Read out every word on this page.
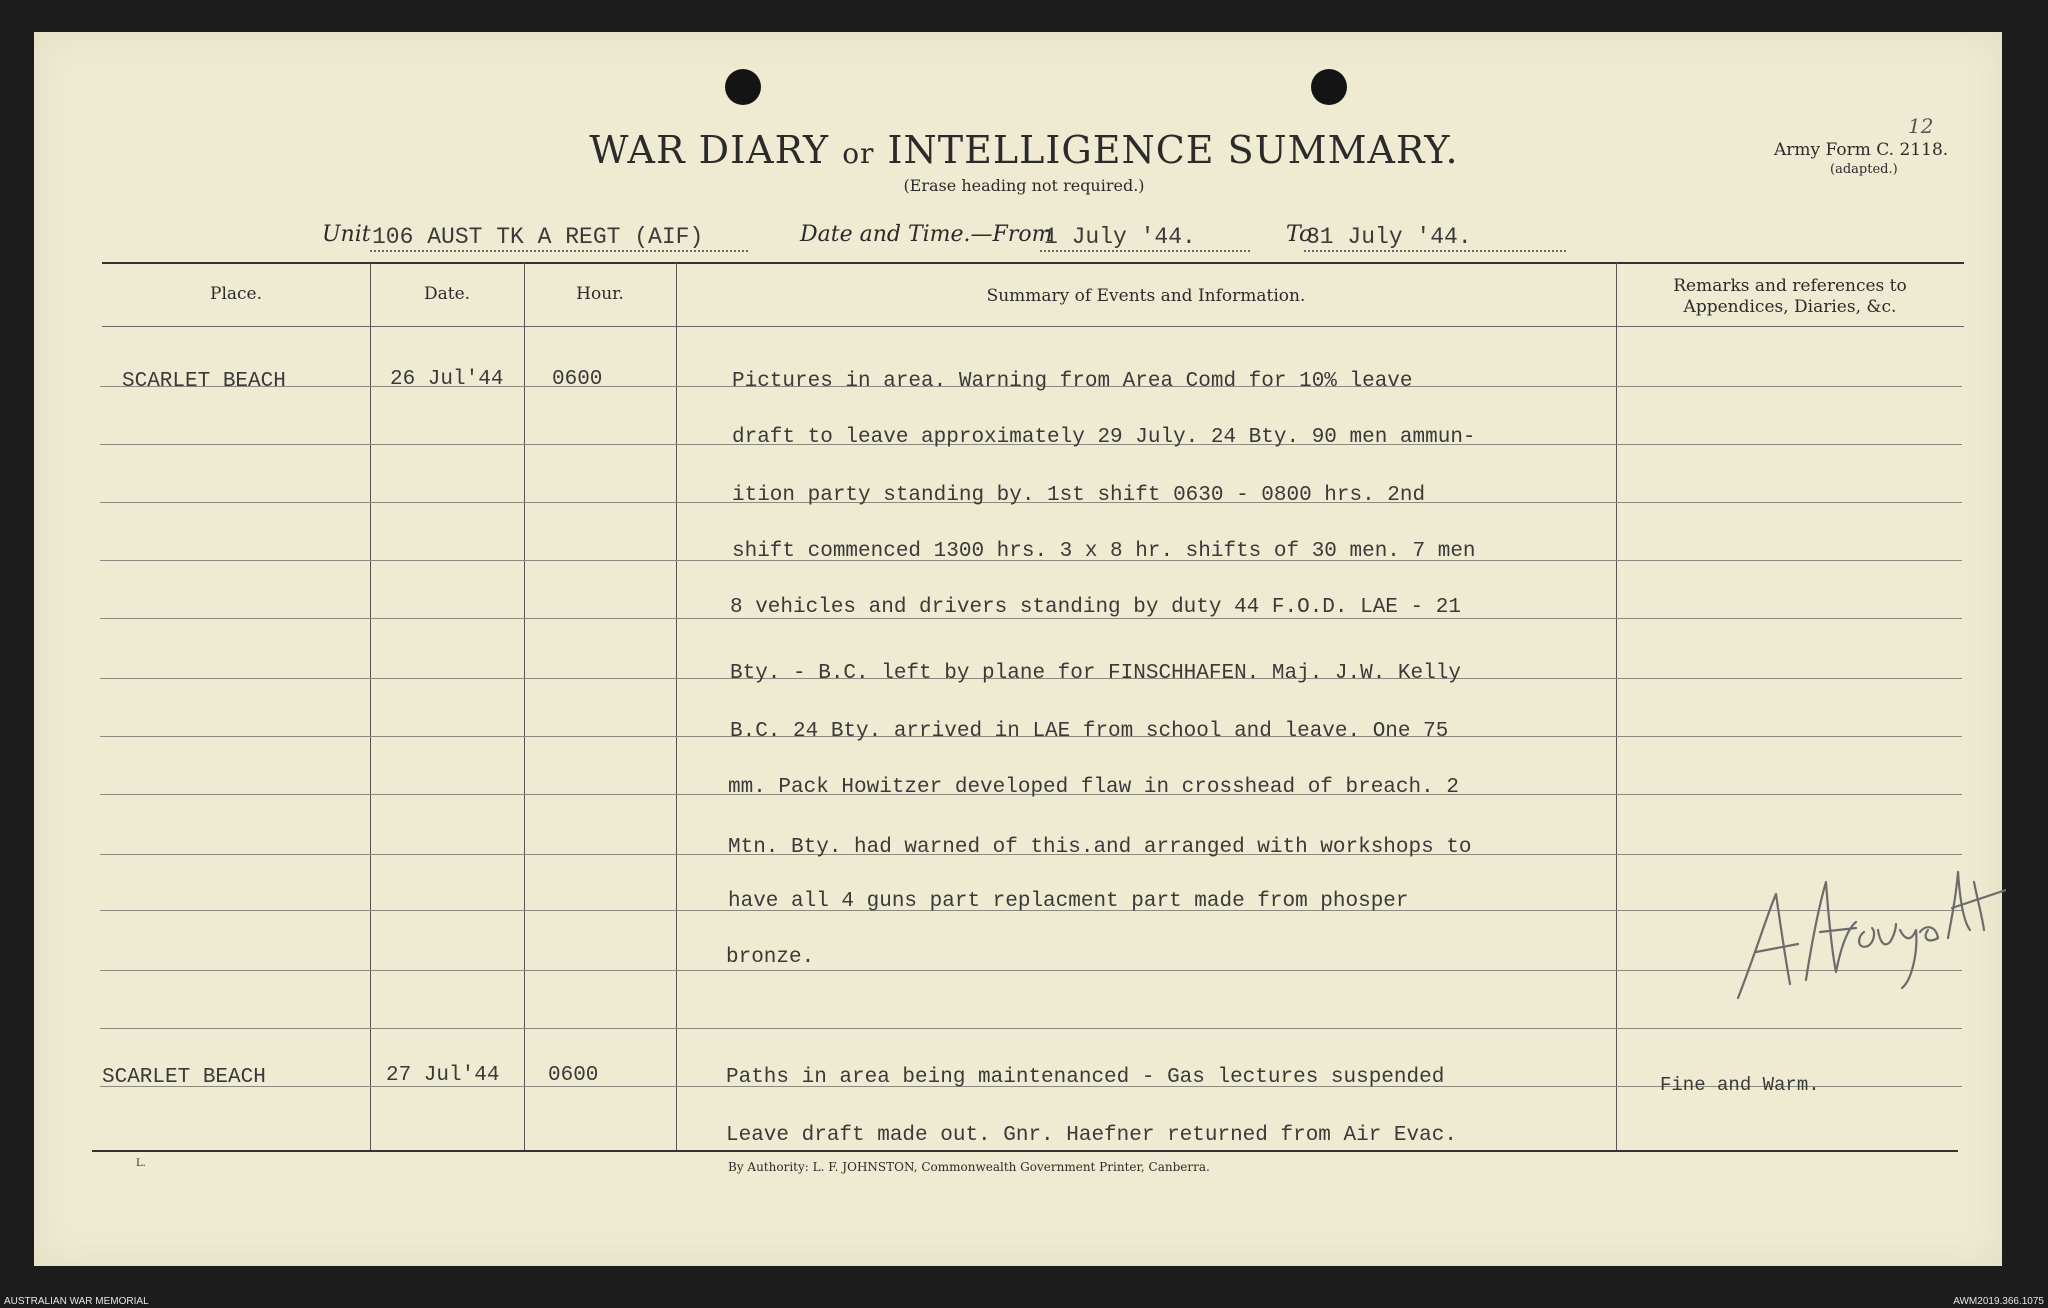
WAR DIARY or INTELLIGENCE SUMMARY.
(Erase heading not required.)
Army Form C. 2118.
(adapted.)
12
Unit 106 AUST TK A REGT (AIF)	Date and Time.—From
1 July '44.	To
31 July '44.
Place.	Date.	Hour.	Summary of Events and Information.	Remarks and references to
Appendices, Diaries, &c.
SCARLET BEACH	26 Jul'44 0600	Pictures in area. Warning from Area Comd for 10% leave
draft to leave approximately 29 July. 24 Bty. 90 men ammun-
ition party standing by. 1st shift 0630 - 0800 hrs. 2nd
shift commenced 1300 hrs. 3 x 8 hr. shifts of 30 men. 7 men
8 vehicles and drivers standing by duty 44 F.O.D. LAE - 21
Bty. - B.C. left by plane for FINSCHHAFEN. Maj. J.W. Kelly
B.C. 24 Bty. arrived in LAE from school and leave. One 75
mm. Pack Howitzer developed flaw in crosshead of breach. 2
Mtn. Bty. had warned of this.and arranged with workshops to
have all 4 guns part replacment part made from phosper
bronze.
SCARLET BEACH	27 Jul'44 0600	Paths in area being maintenanced - Gas lectures suspended
Leave draft made out. Gnr. Haefner returned from Air Evac.
Fine and Warm.
L.	By Authority: L. F. JOHNSTON, Commonwealth Government Printer, Canberra.
AUSTRALIAN WAR MEMORIAL	AWM2019.366.1075
